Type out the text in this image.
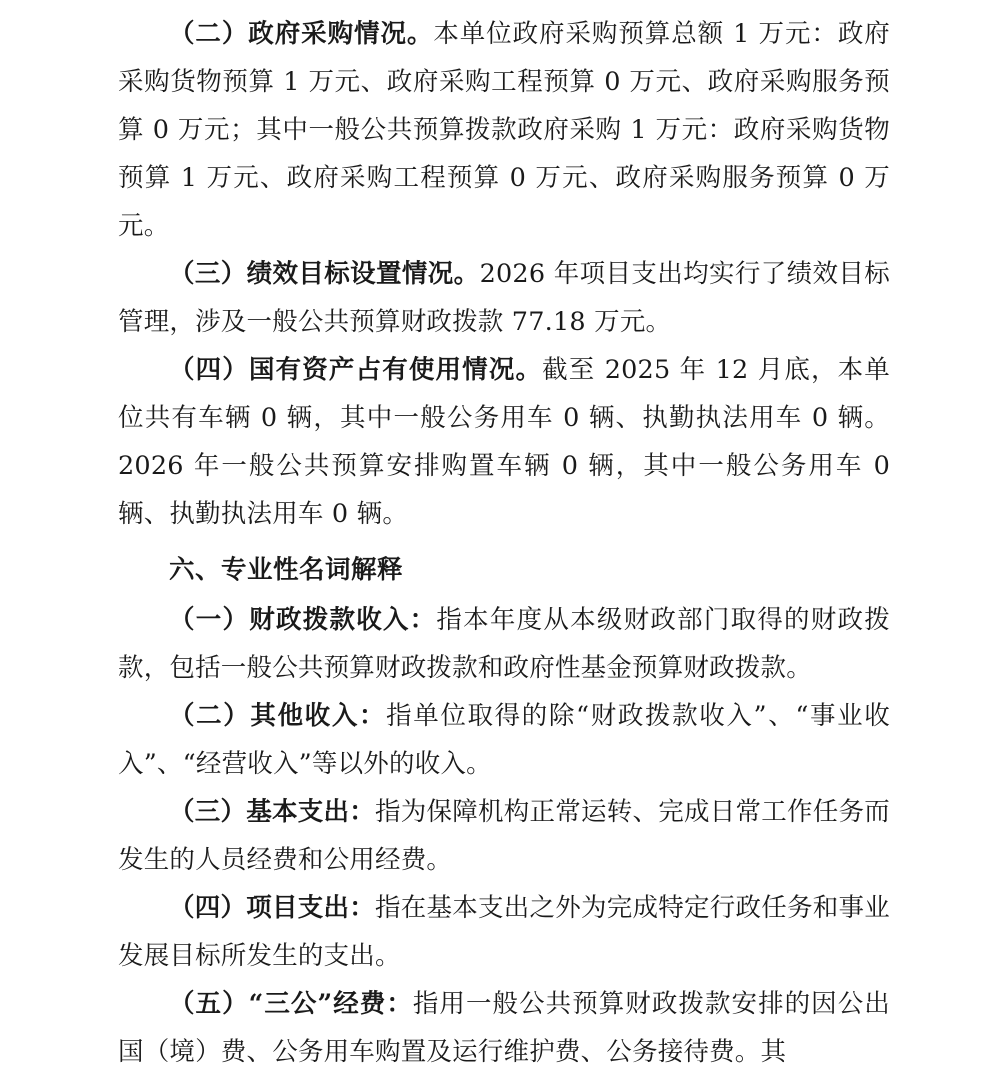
（二）政府采购情况。本单位政府采购预算总额 1 万元：政府采购货物预算 1 万元、政府采购工程预算 0 万元、政府采购服务预算 0 万元；其中一般公共预算拨款政府采购 1 万元：政府采购货物预算 1 万元、政府采购工程预算 0 万元、政府采购服务预算 0 万元。

（三）绩效目标设置情况。2026 年项目支出均实行了绩效目标管理，涉及一般公共预算财政拨款 77.18 万元。

（四）国有资产占有使用情况。截至 2025 年 12 月底，本单位共有车辆 0 辆，其中一般公务用车 0 辆、执勤执法用车 0 辆。2026 年一般公共预算安排购置车辆 0 辆，其中一般公务用车 0 辆、执勤执法用车 0 辆。

六、专业性名词解释

（一）财政拨款收入：指本年度从本级财政部门取得的财政拨款，包括一般公共预算财政拨款和政府性基金预算财政拨款。

（二）其他收入：指单位取得的除“财政拨款收入”、“事业收入”、“经营收入”等以外的收入。

（三）基本支出：指为保障机构正常运转、完成日常工作任务而发生的人员经费和公用经费。

（四）项目支出：指在基本支出之外为完成特定行政任务和事业发展目标所发生的支出。

（五）“三公”经费：指用一般公共预算财政拨款安排的因公出国（境）费、公务用车购置及运行维护费、公务接待费。其
